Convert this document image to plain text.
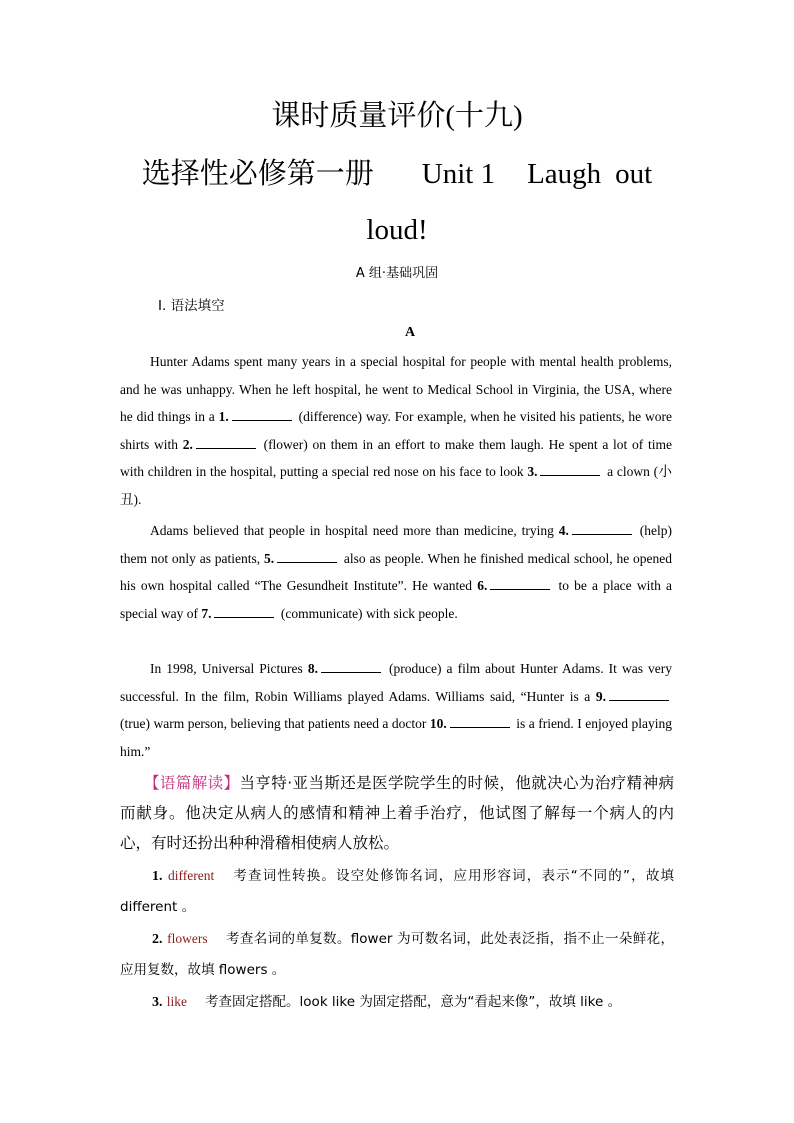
课时质量评价(十九)
选择性必修第一册 Unit 1 Laugh out
loud!
A 组·基础巩固
Ⅰ. 语法填空
A
Hunter Adams spent many years in a special hospital for people with mental health problems, and he was unhappy. When he left hospital, he went to Medical School in Virginia, the USA, where he did things in a 1.	(difference) way. For example, when he visited his patients, he wore shirts with 2.	(flower) on them in an effort to make them laugh. He spent a lot of time with children in the hospital, putting a special red nose on his face to look 3.	a clown (小丑).
Adams believed that people in hospital need more than medicine, trying 4.	(help) them not only as patients, 5.	also as people. When he finished medical school, he opened his own hospital called “The Gesundheit Institute”. He wanted 6.	to be a place with a special way of 7.	(communicate) with sick people.
In 1998, Universal Pictures 8.	(produce) a film about Hunter Adams. It was very successful. In the film, Robin Williams played Adams. Williams said, “Hunter is a 9. (true) warm person, believing that patients need a doctor 10.	is a friend. I enjoyed playing him.”
【语篇解读】当亨特·亚当斯还是医学院学生的时候，他就决心为治疗精神病而献身。他决定从病人的感情和精神上着手治疗，他试图了解每一个病人的内心，有时还扮出种种滑稽相使病人放松。
1. different 考查词性转换。设空处修饰名词，应用形容词，表示“不同的”，故填 different 。
2. flowers 考查名词的单复数。flower 为可数名词，此处表泛指，指不止一朵鲜花，应用复数，故填 flowers 。
3. like 考查固定搭配。look like 为固定搭配，意为“看起来像”，故填 like 。
